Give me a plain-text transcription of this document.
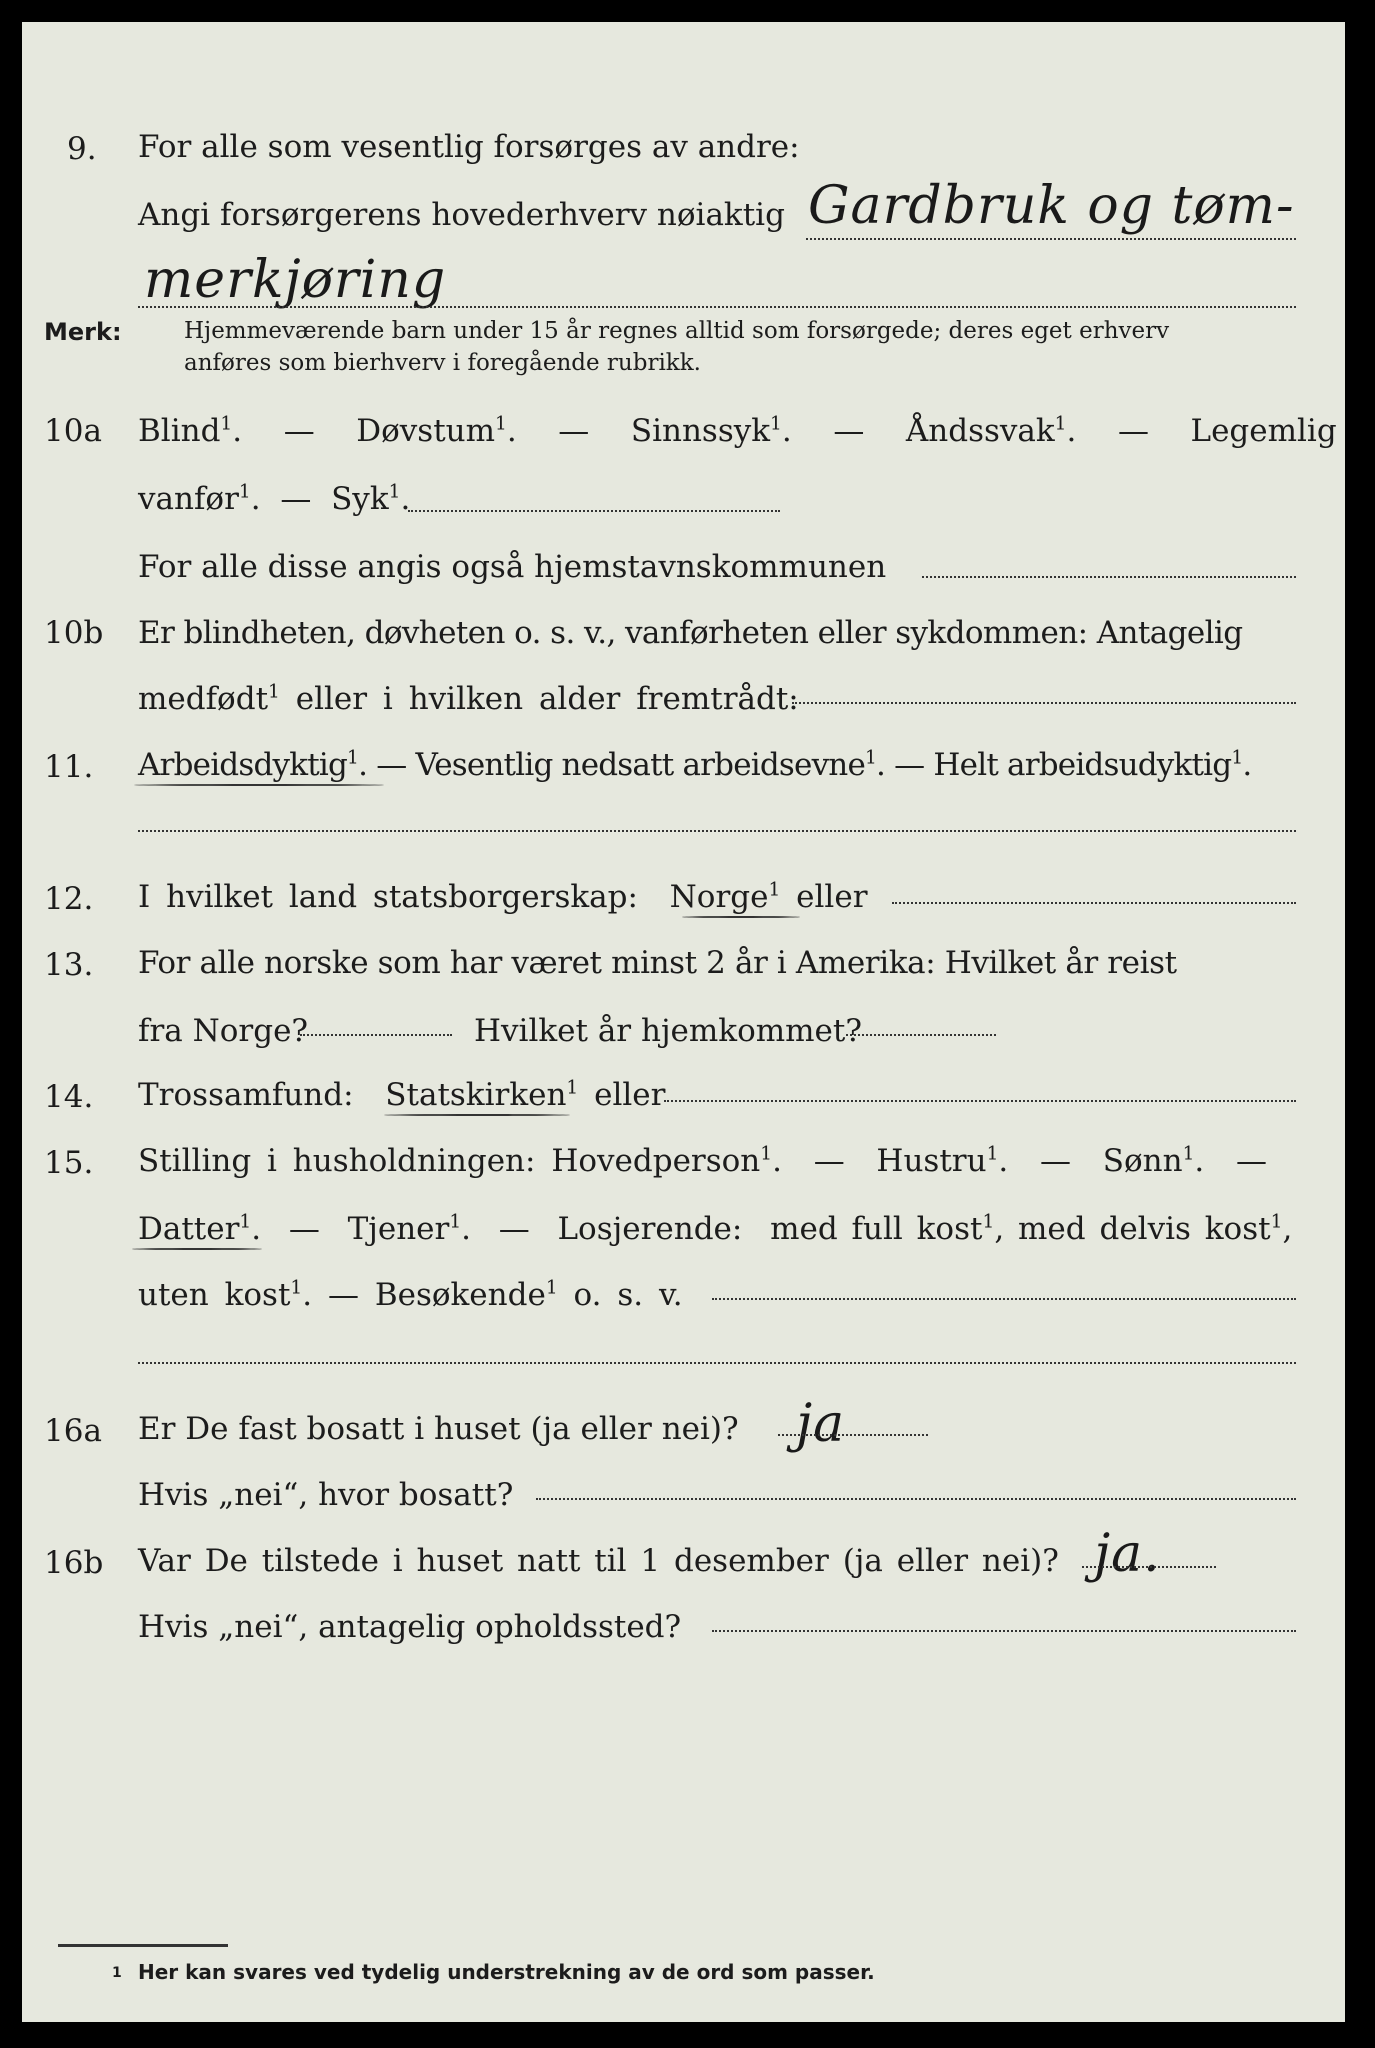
9. For alle som vesentlig forsørges av andre:
Angi forsørgerens hovederhverv nøiaktig Gardbruk og tøm-
merkjøring
Merk:	Hjemmeværende barn under 15 år regnes alltid som forsørgede; deres eget erhverv
anføres som bierhverv i foregående rubrikk.
10a Blind$^1$. — Døvstum$^1$. — Sinnssyk$^1$. — Åndssvak$^1$. — Legemlig
vanfør$^1$. — Syk$^1$.
For alle disse angis også hjemstavnskommunen
10b Er blindheten, døvheten o. s. v., vanførheten eller sykdommen: Antagelig
medfødt$^1$ eller i hvilken alder fremtrådt:
11. Arbeidsdyktig$^1$. — Vesentlig nedsatt arbeidsevne$^1$. — Helt arbeidsudyktig$^1$.
12. I hvilket land statsborgerskap: Norge$^1$ eller
13. For alle norske som har været minst 2 år i Amerika: Hvilket år reist
fra Norge?	Hvilket år hjemkommet?
14. Trossamfund: Statskirken$^1$ eller
15. Stilling i husholdningen: Hovedperson$^1$. — Hustru$^1$. — Sønn$^1$. —
Datter$^1$. — Tjener$^1$. — Losjerende: med full kost$^1$, med delvis kost$^1$,
uten kost$^1$. — Besøkende$^1$ o. s. v.
16a Er De fast bosatt i huset (ja eller nei)? ja
Hvis „nei“, hvor bosatt?
16b Var De tilstede i huset natt til 1 desember (ja eller nei)? ja.
Hvis „nei“, antagelig opholdssted?
1 Her kan svares ved tydelig understrekning av de ord som passer.
